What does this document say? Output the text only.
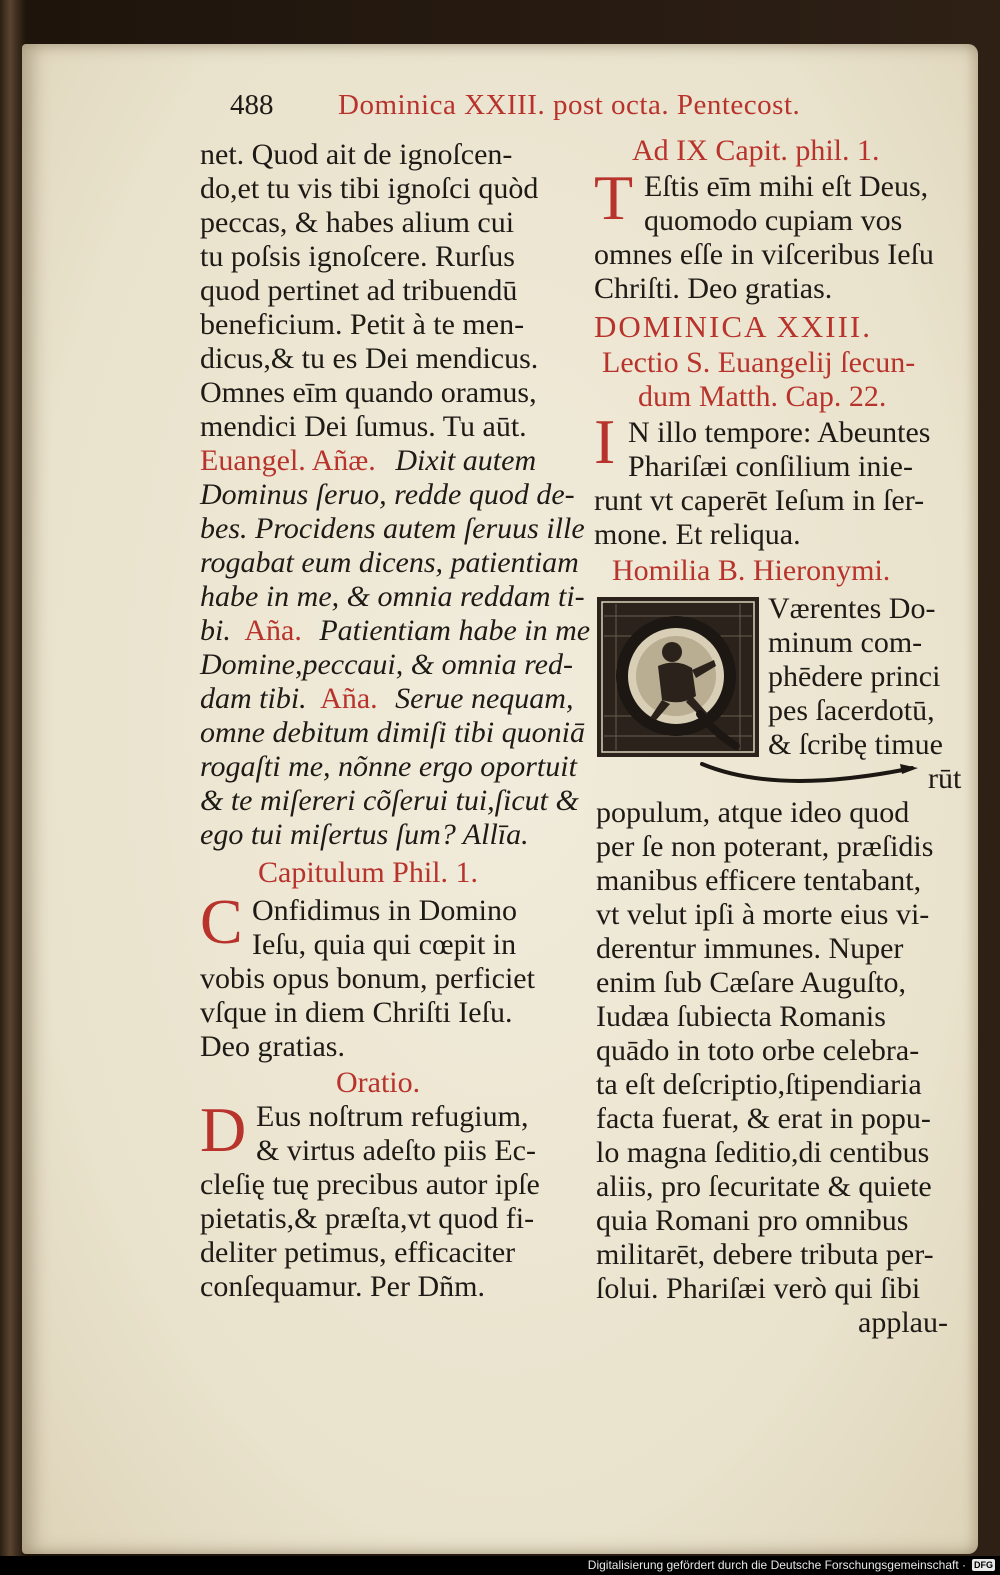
488 Dominica XXIII. post octa. Pentecost.
net. Quod ait de ignoſcen-
do,et tu vis tibi ignoſci quòd
peccas, & habes alium cui
tu poſsis ignoſcere. Rurſus
quod pertinet ad tribuendū
beneficium. Petit à te men-
dicus,& tu es Dei mendicus.
Omnes eīm quando oramus,
mendici Dei ſumus. Tu aūt.
Euangel. Añæ. Dixit autem
Dominus ſeruo, redde quod de-
bes. Procidens autem ſeruus ille
rogabat eum dicens, patientiam
habe in me, & omnia reddam ti-
bi. Aña. Patientiam habe in me
Domine,peccaui, & omnia red-
dam tibi. Aña. Serue nequam,
omne debitum dimiſi tibi quoniā
rogaſti me, nõnne ergo oportuit
& te miſereri cõſerui tui,ſicut &
ego tui miſertus ſum? Allīa.
Capitulum Phil. 1.
C Onfidimus in Domino
Ieſu, quia qui cœpit in
vobis opus bonum, perficiet
vſque in diem Chriſti Ieſu.
Deo gratias.
Oratio.
D Eus noſtrum refugium,
& virtus adeſto piis Ec-
cleſię tuę precibus autor ipſe
pietatis,& præſta,vt quod fi-
deliter petimus, efficaciter
conſequamur. Per Dñm.
Ad IX Capit. phil. 1.
T Eſtis eīm mihi eſt Deus,
quomodo cupiam vos
omnes eſſe in viſceribus Ieſu
Chriſti. Deo gratias.
DOMINICA XXIII.
Lectio S. Euangelij ſecun-
dum Matth. Cap. 22.
I N illo tempore: Abeuntes
Phariſæi conſilium inie-
runt vt caperēt Ieſum in ſer-
mone. Et reliqua.
Homilia B. Hieronymi.
Værentes Do-
minum com-
phēdere princi
pes ſacerdotū,
& ſcribę timue
rūt
populum, atque ideo quod
per ſe non poterant, præſidis
manibus efficere tentabant,
vt velut ipſi à morte eius vi-
derentur immunes. Nuper
enim ſub Cæſare Auguſto,
Iudæa ſubiecta Romanis
quādo in toto orbe celebra-
ta eſt deſcriptio,ſtipendiaria
facta fuerat, & erat in popu-
lo magna ſeditio,di centibus
aliis, pro ſecuritate & quiete
quia Romani pro omnibus
militarēt, debere tributa per-
ſolui. Phariſæi verò qui ſibi
applau-
Digitalisierung gefördert durch die Deutsche Forschungsgemeinschaft · DFG
